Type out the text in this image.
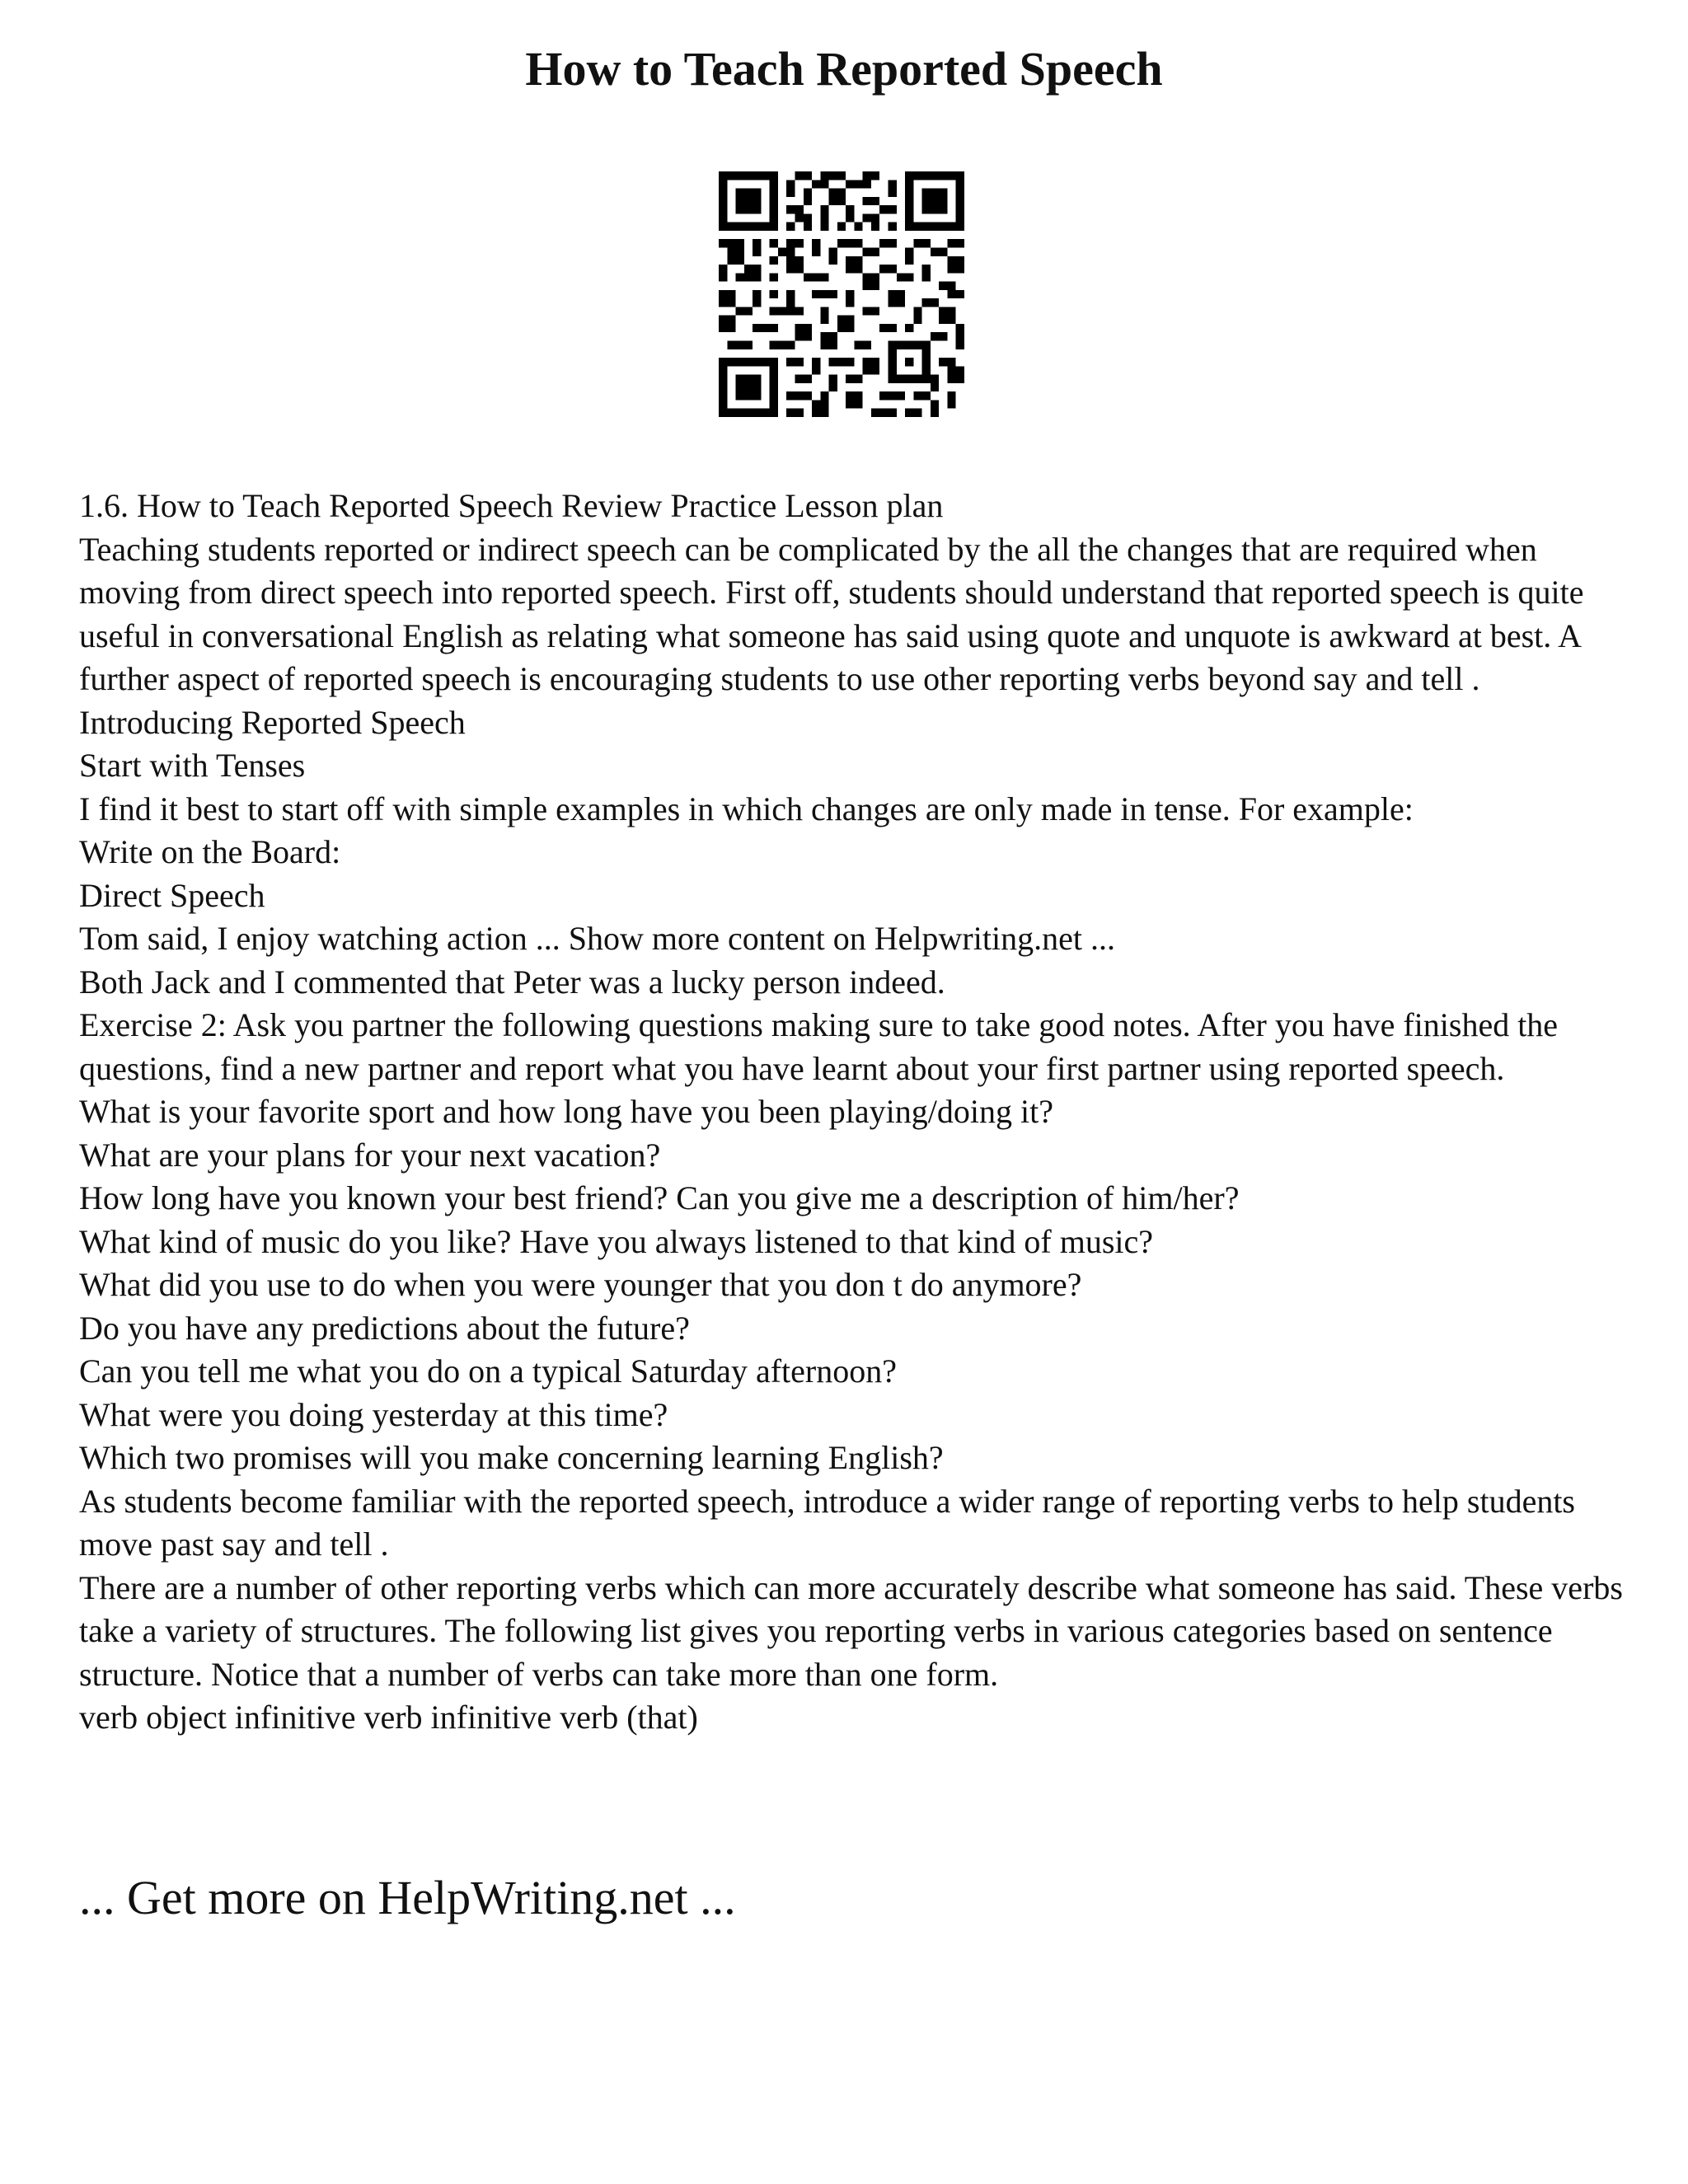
How to Teach Reported Speech

1.6. How to Teach Reported Speech Review Practice Lesson plan

Teaching students reported or indirect speech can be complicated by the all the changes that are required when moving from direct speech into reported speech. First off, students should understand that reported speech is quite useful in conversational English as relating what someone has said using quote and unquote is awkward at best. A further aspect of reported speech is encouraging students to use other reporting verbs beyond say and tell .

Introducing Reported Speech

Start with Tenses

I find it best to start off with simple examples in which changes are only made in tense. For example:

Write on the Board:

Direct Speech

Tom said, I enjoy watching action ... Show more content on Helpwriting.net ...

Both Jack and I commented that Peter was a lucky person indeed.

Exercise 2: Ask you partner the following questions making sure to take good notes. After you have finished the questions, find a new partner and report what you have learnt about your first partner using reported speech.

What is your favorite sport and how long have you been playing/doing it?

What are your plans for your next vacation?

How long have you known your best friend? Can you give me a description of him/her?

What kind of music do you like? Have you always listened to that kind of music?

What did you use to do when you were younger that you don t do anymore?

Do you have any predictions about the future?

Can you tell me what you do on a typical Saturday afternoon?

What were you doing yesterday at this time?

Which two promises will you make concerning learning English?

As students become familiar with the reported speech, introduce a wider range of reporting verbs to help students move past say and tell .

There are a number of other reporting verbs which can more accurately describe what someone has said. These verbs take a variety of structures. The following list gives you reporting verbs in various categories based on sentence structure. Notice that a number of verbs can take more than one form.

verb object infinitive verb infinitive verb (that)

... Get more on HelpWriting.net ...
